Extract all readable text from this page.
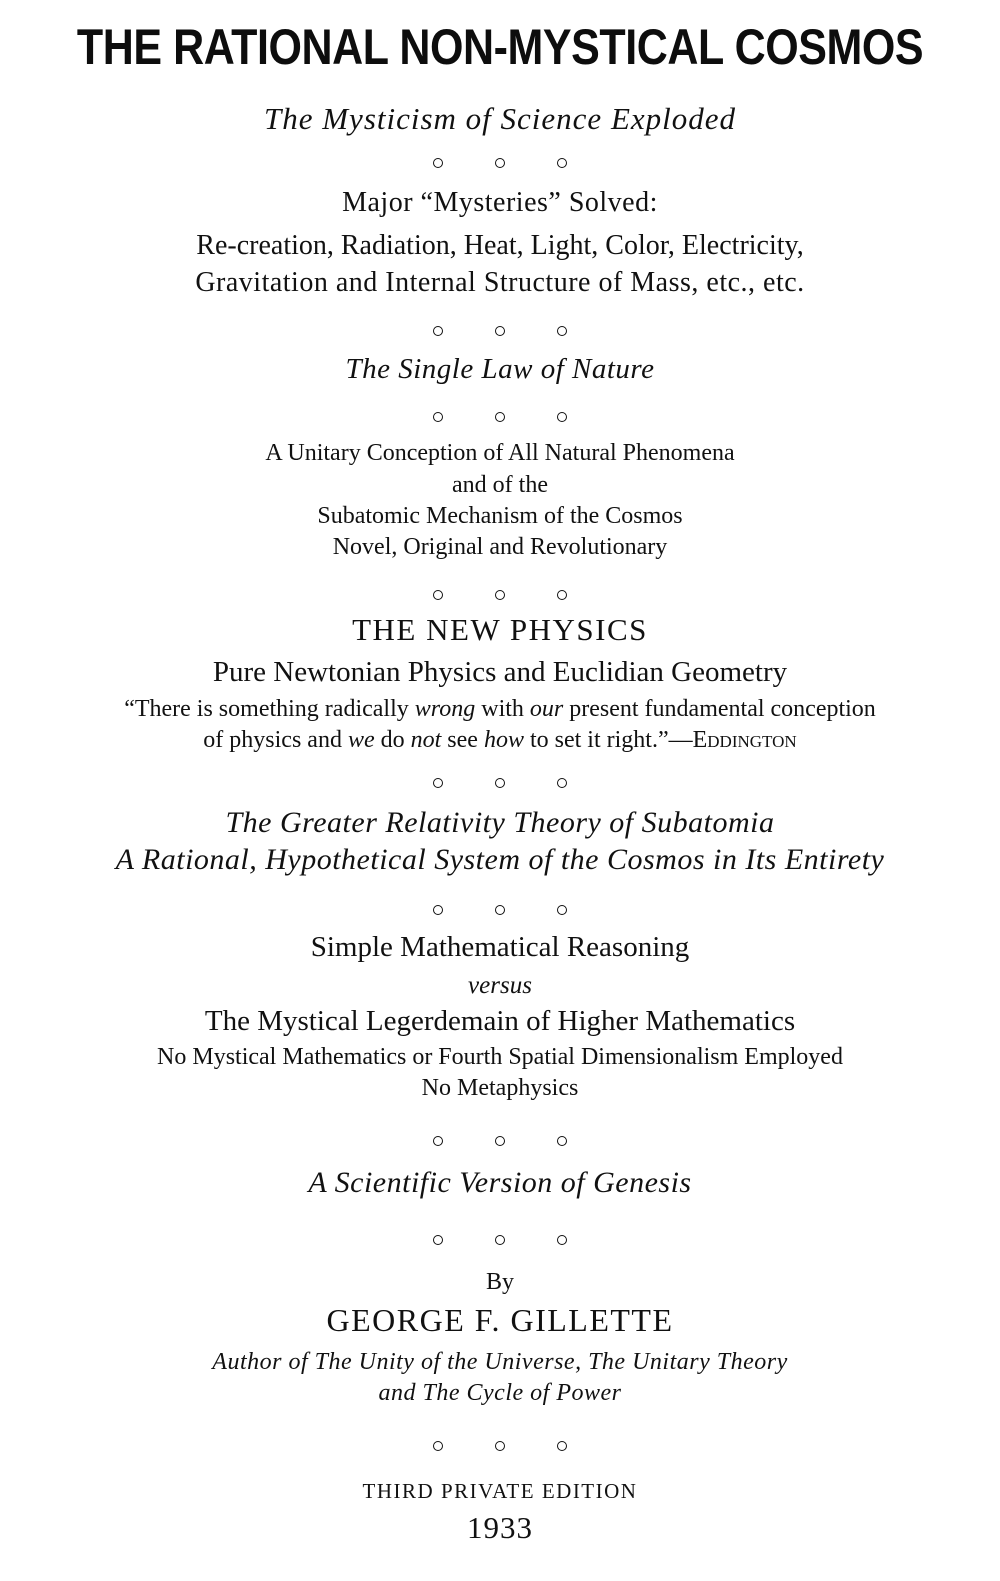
THE RATIONAL NON-MYSTICAL COSMOS
The Mysticism of Science Exploded
Major “Mysteries” Solved:
Re-creation, Radiation, Heat, Light, Color, Electricity,
Gravitation and Internal Structure of Mass, etc., etc.
The Single Law of Nature
A Unitary Conception of All Natural Phenomena
and of the
Subatomic Mechanism of the Cosmos
Novel, Original and Revolutionary
THE NEW PHYSICS
Pure Newtonian Physics and Euclidian Geometry
“There is something radically wrong with our present fundamental conception
of physics and we do not see how to set it right.”—Eddington
The Greater Relativity Theory of Subatomia
A Rational, Hypothetical System of the Cosmos in Its Entirety
Simple Mathematical Reasoning
versus
The Mystical Legerdemain of Higher Mathematics
No Mystical Mathematics or Fourth Spatial Dimensionalism Employed
No Metaphysics
A Scientific Version of Genesis
By
GEORGE F. GILLETTE
Author of The Unity of the Universe, The Unitary Theory
and The Cycle of Power
THIRD PRIVATE EDITION
1933
